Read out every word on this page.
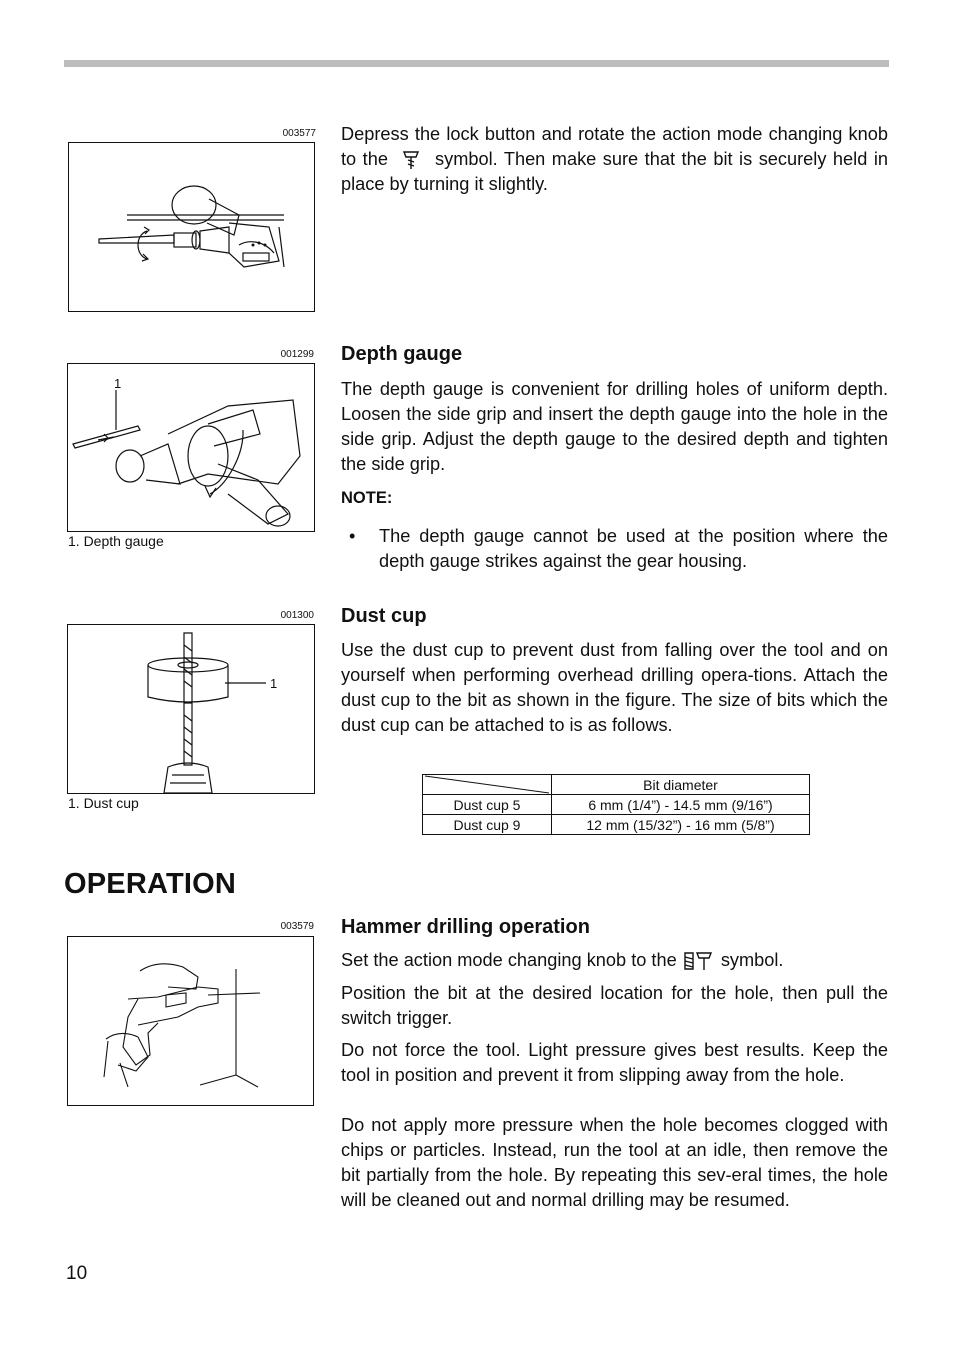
003577 Depress the lock button and rotate the action mode changing knob to the	symbol. Then make sure that the bit is securely held in place by turning it slightly.

001299
1
1. Depth gauge
Depth gauge

The depth gauge is convenient for drilling holes of uniform depth. Loosen the side grip and insert the depth gauge into the hole in the side grip. Adjust the depth gauge to the desired depth and tighten the side grip.

NOTE:
• The depth gauge cannot be used at the position where the depth gauge strikes against the gear housing.
001300
1
1. Dust cup
Dust cup

Use the dust cup to prevent dust from falling over the tool and on yourself when performing overhead drilling opera-tions. Attach the dust cup to the bit as shown in the figure. The size of bits which the dust cup can be attached to is as follows.

	Bit diameter
Dust cup 5	6 mm (1/4”) - 14.5 mm (9/16”)
Dust cup 9	12 mm (15/32”) - 16 mm (5/8”)
OPERATION
003579 Hammer drilling operation

Set the action mode changing knob to the symbol.

Position the bit at the desired location for the hole, then pull the switch trigger.

Do not force the tool. Light pressure gives best results. Keep the tool in position and prevent it from slipping away from the hole.

Do not apply more pressure when the hole becomes clogged with chips or particles. Instead, run the tool at an idle, then remove the bit partially from the hole. By repeating this sev-eral times, the hole will be cleaned out and normal drilling may be resumed.

10
